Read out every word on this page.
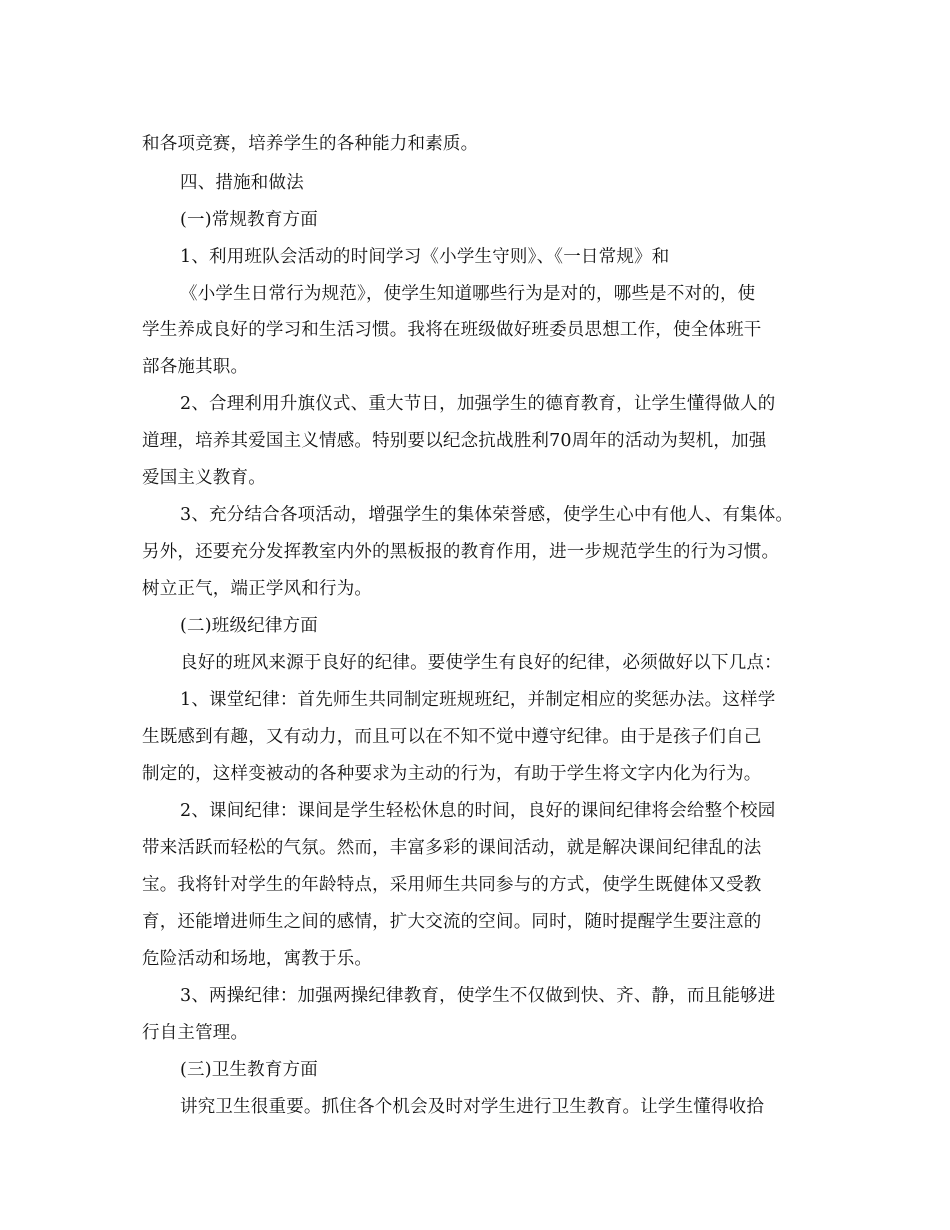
和各项竞赛，培养学生的各种能力和素质。
四、措施和做法
(一)常规教育方面
1、利用班队会活动的时间学习《小学生守则》、《一日常规》和
《小学生日常行为规范》，使学生知道哪些行为是对的，哪些是不对的，使
学生养成良好的学习和生活习惯。我将在班级做好班委员思想工作，使全体班干
部各施其职。
2、合理利用升旗仪式、重大节日，加强学生的德育教育，让学生懂得做人的
道理，培养其爱国主义情感。特别要以纪念抗战胜利70周年的活动为契机，加强
爱国主义教育。
3、充分结合各项活动，增强学生的集体荣誉感，使学生心中有他人、有集体。
另外，还要充分发挥教室内外的黑板报的教育作用，进一步规范学生的行为习惯。
树立正气，端正学风和行为。
(二)班级纪律方面
良好的班风来源于良好的纪律。要使学生有良好的纪律，必须做好以下几点：
1、课堂纪律：首先师生共同制定班规班纪，并制定相应的奖惩办法。这样学
生既感到有趣，又有动力，而且可以在不知不觉中遵守纪律。由于是孩子们自己
制定的，这样变被动的各种要求为主动的行为，有助于学生将文字内化为行为。
2、课间纪律：课间是学生轻松休息的时间，良好的课间纪律将会给整个校园
带来活跃而轻松的气氛。然而，丰富多彩的课间活动，就是解决课间纪律乱的法
宝。我将针对学生的年龄特点，采用师生共同参与的方式，使学生既健体又受教
育，还能增进师生之间的感情，扩大交流的空间。同时，随时提醒学生要注意的
危险活动和场地，寓教于乐。
3、两操纪律：加强两操纪律教育，使学生不仅做到快、齐、静，而且能够进
行自主管理。
(三)卫生教育方面
讲究卫生很重要。抓住各个机会及时对学生进行卫生教育。让学生懂得收拾
